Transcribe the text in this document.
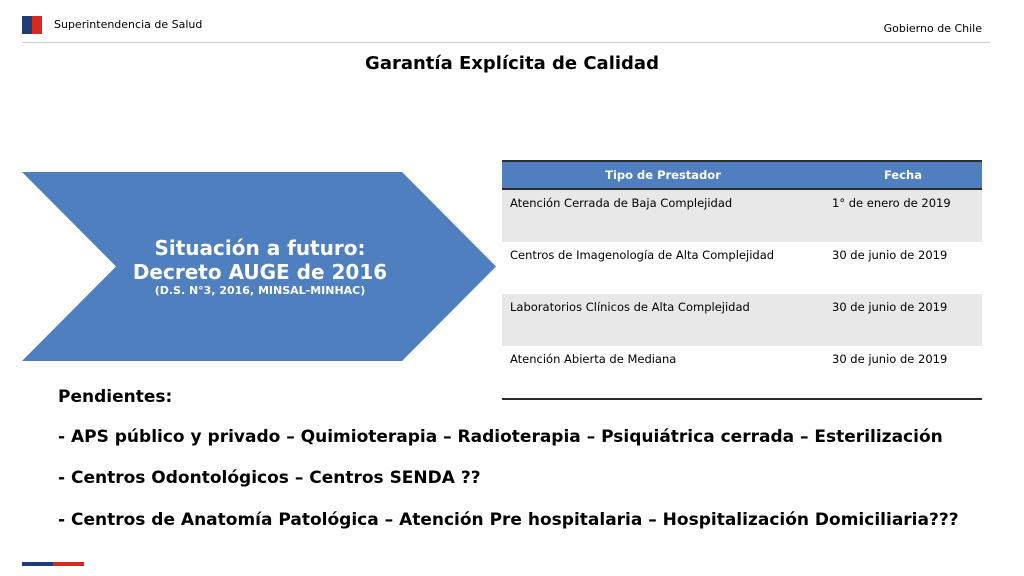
Superintendencia de Salud	Gobierno de Chile
Garantía Explícita de Calidad
Situación a futuro:
Decreto AUGE de 2016
(D.S. N°3, 2016, MINSAL-MINHAC)
Tipo de Prestador	Fecha
Atención Cerrada de Baja Complejidad	1° de enero de 2019
Centros de Imagenología de Alta Complejidad	30 de junio de 2019
Laboratorios Clínicos de Alta Complejidad	30 de junio de 2019
Atención Abierta de Mediana	30 de junio de 2019
Pendientes:
- APS público y privado – Quimioterapia – Radioterapia – Psiquiátrica cerrada – Esterilización
- Centros Odontológicos – Centros SENDA ??
- Centros de Anatomía Patológica – Atención Pre hospitalaria – Hospitalización Domiciliaria???
